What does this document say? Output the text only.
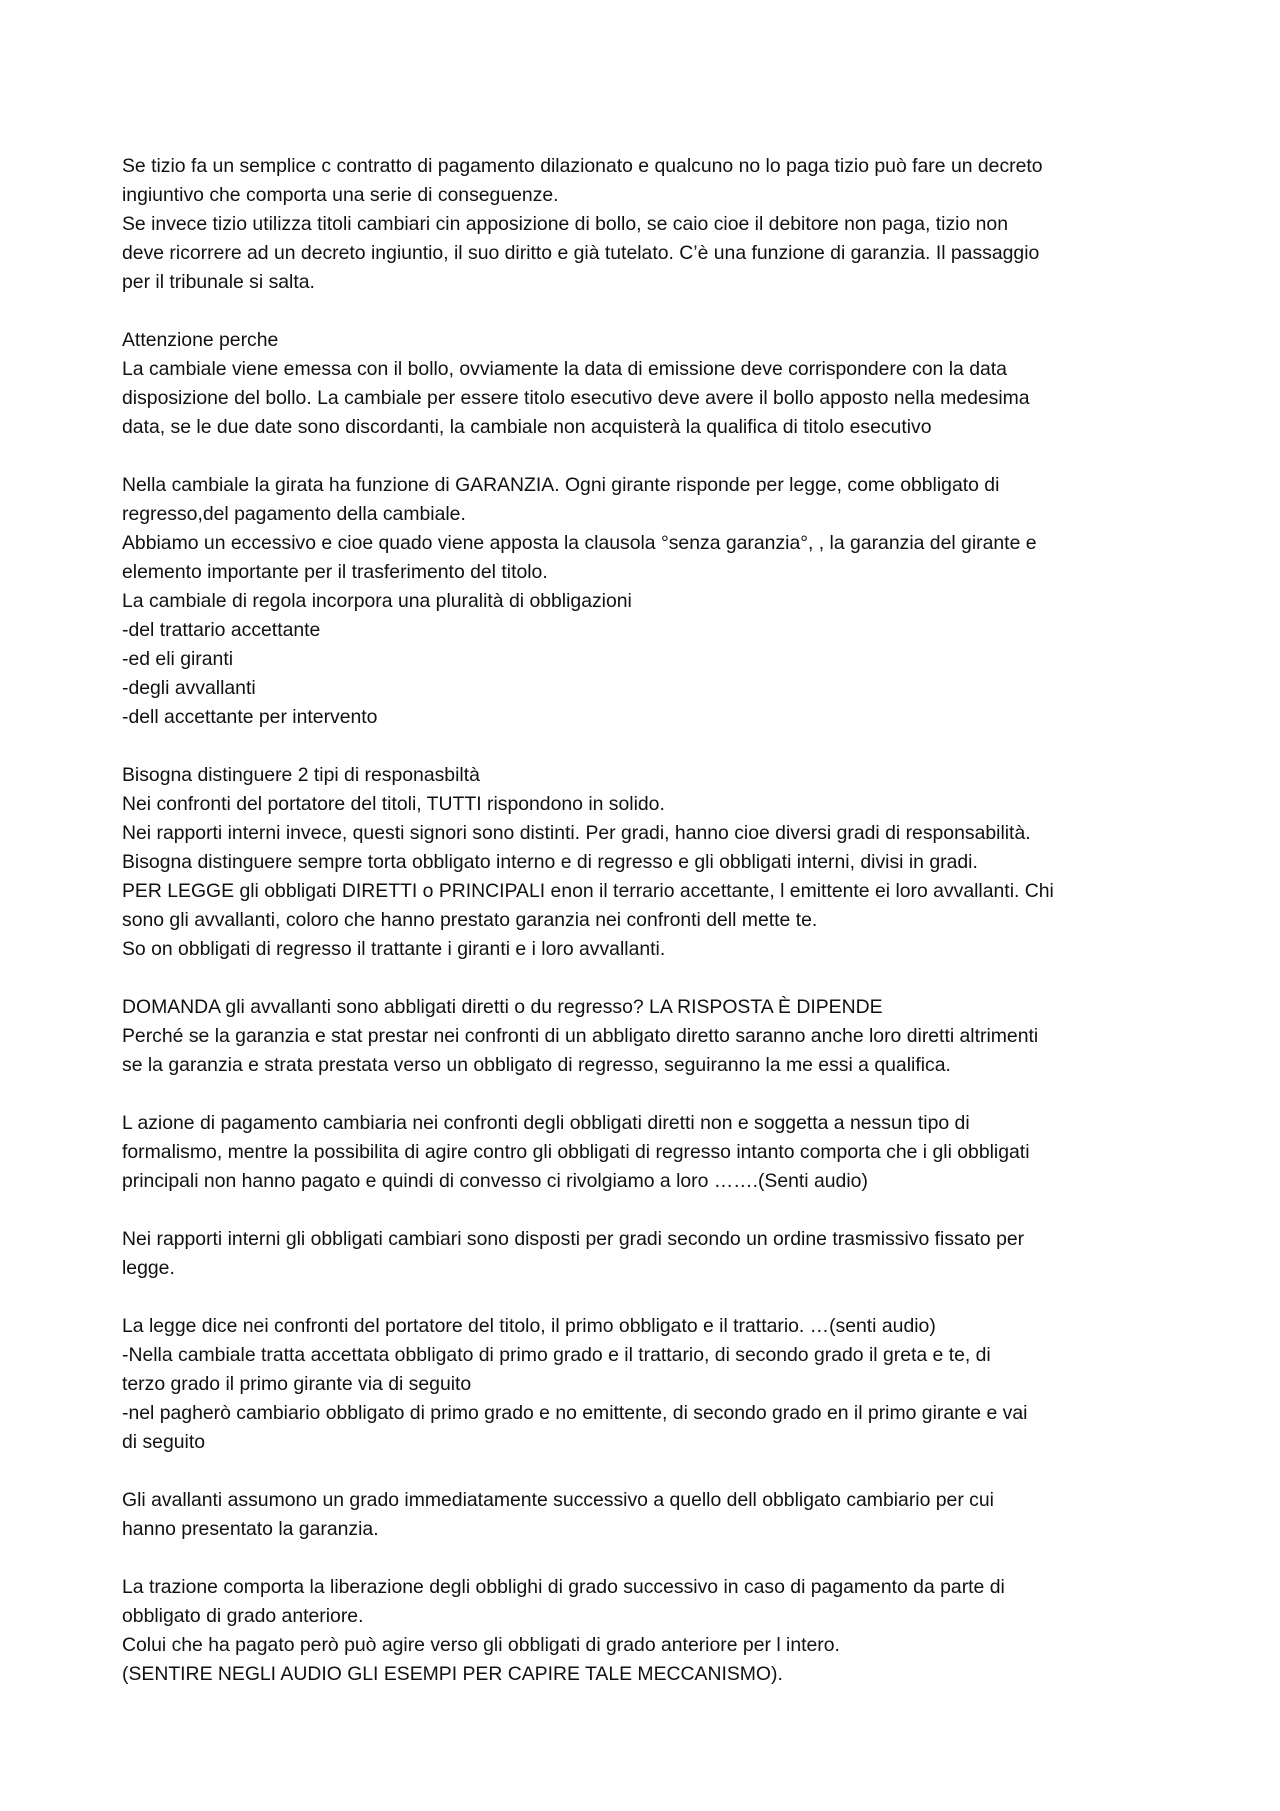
Se tizio fa un semplice c contratto di pagamento dilazionato e qualcuno no lo paga tizio può fare un decreto
ingiuntivo che comporta una serie di conseguenze.
Se invece tizio utilizza titoli cambiari cin apposizione di bollo, se caio cioe il debitore non paga, tizio non
deve ricorrere ad un decreto ingiuntio, il suo diritto e già tutelato. C’è una funzione di garanzia. Il passaggio
per il tribunale si salta.
Attenzione perche
La cambiale viene emessa con il bollo, ovviamente la data di emissione deve corrispondere con la data
disposizione del bollo. La cambiale per essere titolo esecutivo deve avere il bollo apposto nella medesima
data, se le due date sono discordanti, la cambiale non acquisterà la qualifica di titolo esecutivo
Nella cambiale la girata ha funzione di GARANZIA. Ogni girante risponde per legge, come obbligato di
regresso,del pagamento della cambiale.
Abbiamo un eccessivo e cioe quado viene apposta la clausola °senza garanzia°, , la garanzia del girante e
elemento importante per il trasferimento del titolo.
La cambiale di regola incorpora una pluralità di obbligazioni
-del trattario accettante
-ed eli giranti
-degli avvallanti
-dell accettante per intervento
Bisogna distinguere 2 tipi di responasbiltà
Nei confronti del portatore del titoli, TUTTI rispondono in solido.
Nei rapporti interni invece, questi signori sono distinti. Per gradi, hanno cioe diversi gradi di responsabilità.
Bisogna distinguere sempre torta obbligato interno e di regresso e gli obbligati interni, divisi in gradi.
PER LEGGE gli obbligati DIRETTI o PRINCIPALI enon il terrario accettante, l emittente ei loro avvallanti. Chi
sono gli avvallanti, coloro che hanno prestato garanzia nei confronti dell mette te.
So on obbligati di regresso il trattante i giranti e i loro avvallanti.
DOMANDA gli avvallanti sono abbligati diretti o du regresso? LA RISPOSTA È DIPENDE
Perché se la garanzia e stat prestar nei confronti di un abbligato diretto saranno anche loro diretti altrimenti
se la garanzia e strata prestata verso un obbligato di regresso, seguiranno la me essi a qualifica.
L azione di pagamento cambiaria nei confronti degli obbligati diretti non e soggetta a nessun tipo di
formalismo, mentre la possibilita di agire contro gli obbligati di regresso intanto comporta che i gli obbligati
principali non hanno pagato e quindi di convesso ci rivolgiamo a loro …….(Senti audio)
Nei rapporti interni gli obbligati cambiari sono disposti per gradi secondo un ordine trasmissivo fissato per
legge.
La legge dice nei confronti del portatore del titolo, il primo obbligato e il trattario. …(senti audio)
-Nella cambiale tratta accettata obbligato di primo grado e il trattario, di secondo grado il greta e te, di
terzo grado il primo girante via di seguito
-nel pagherò cambiario obbligato di primo grado e no emittente, di secondo grado en il primo girante e vai
di seguito
Gli avallanti assumono un grado immediatamente successivo a quello dell obbligato cambiario per cui
hanno presentato la garanzia.
La trazione comporta la liberazione degli obblighi di grado successivo in caso di pagamento da parte di
obbligato di grado anteriore.
Colui che ha pagato però può agire verso gli obbligati di grado anteriore per l intero.
(SENTIRE NEGLI AUDIO GLI ESEMPI PER CAPIRE TALE MECCANISMO).
